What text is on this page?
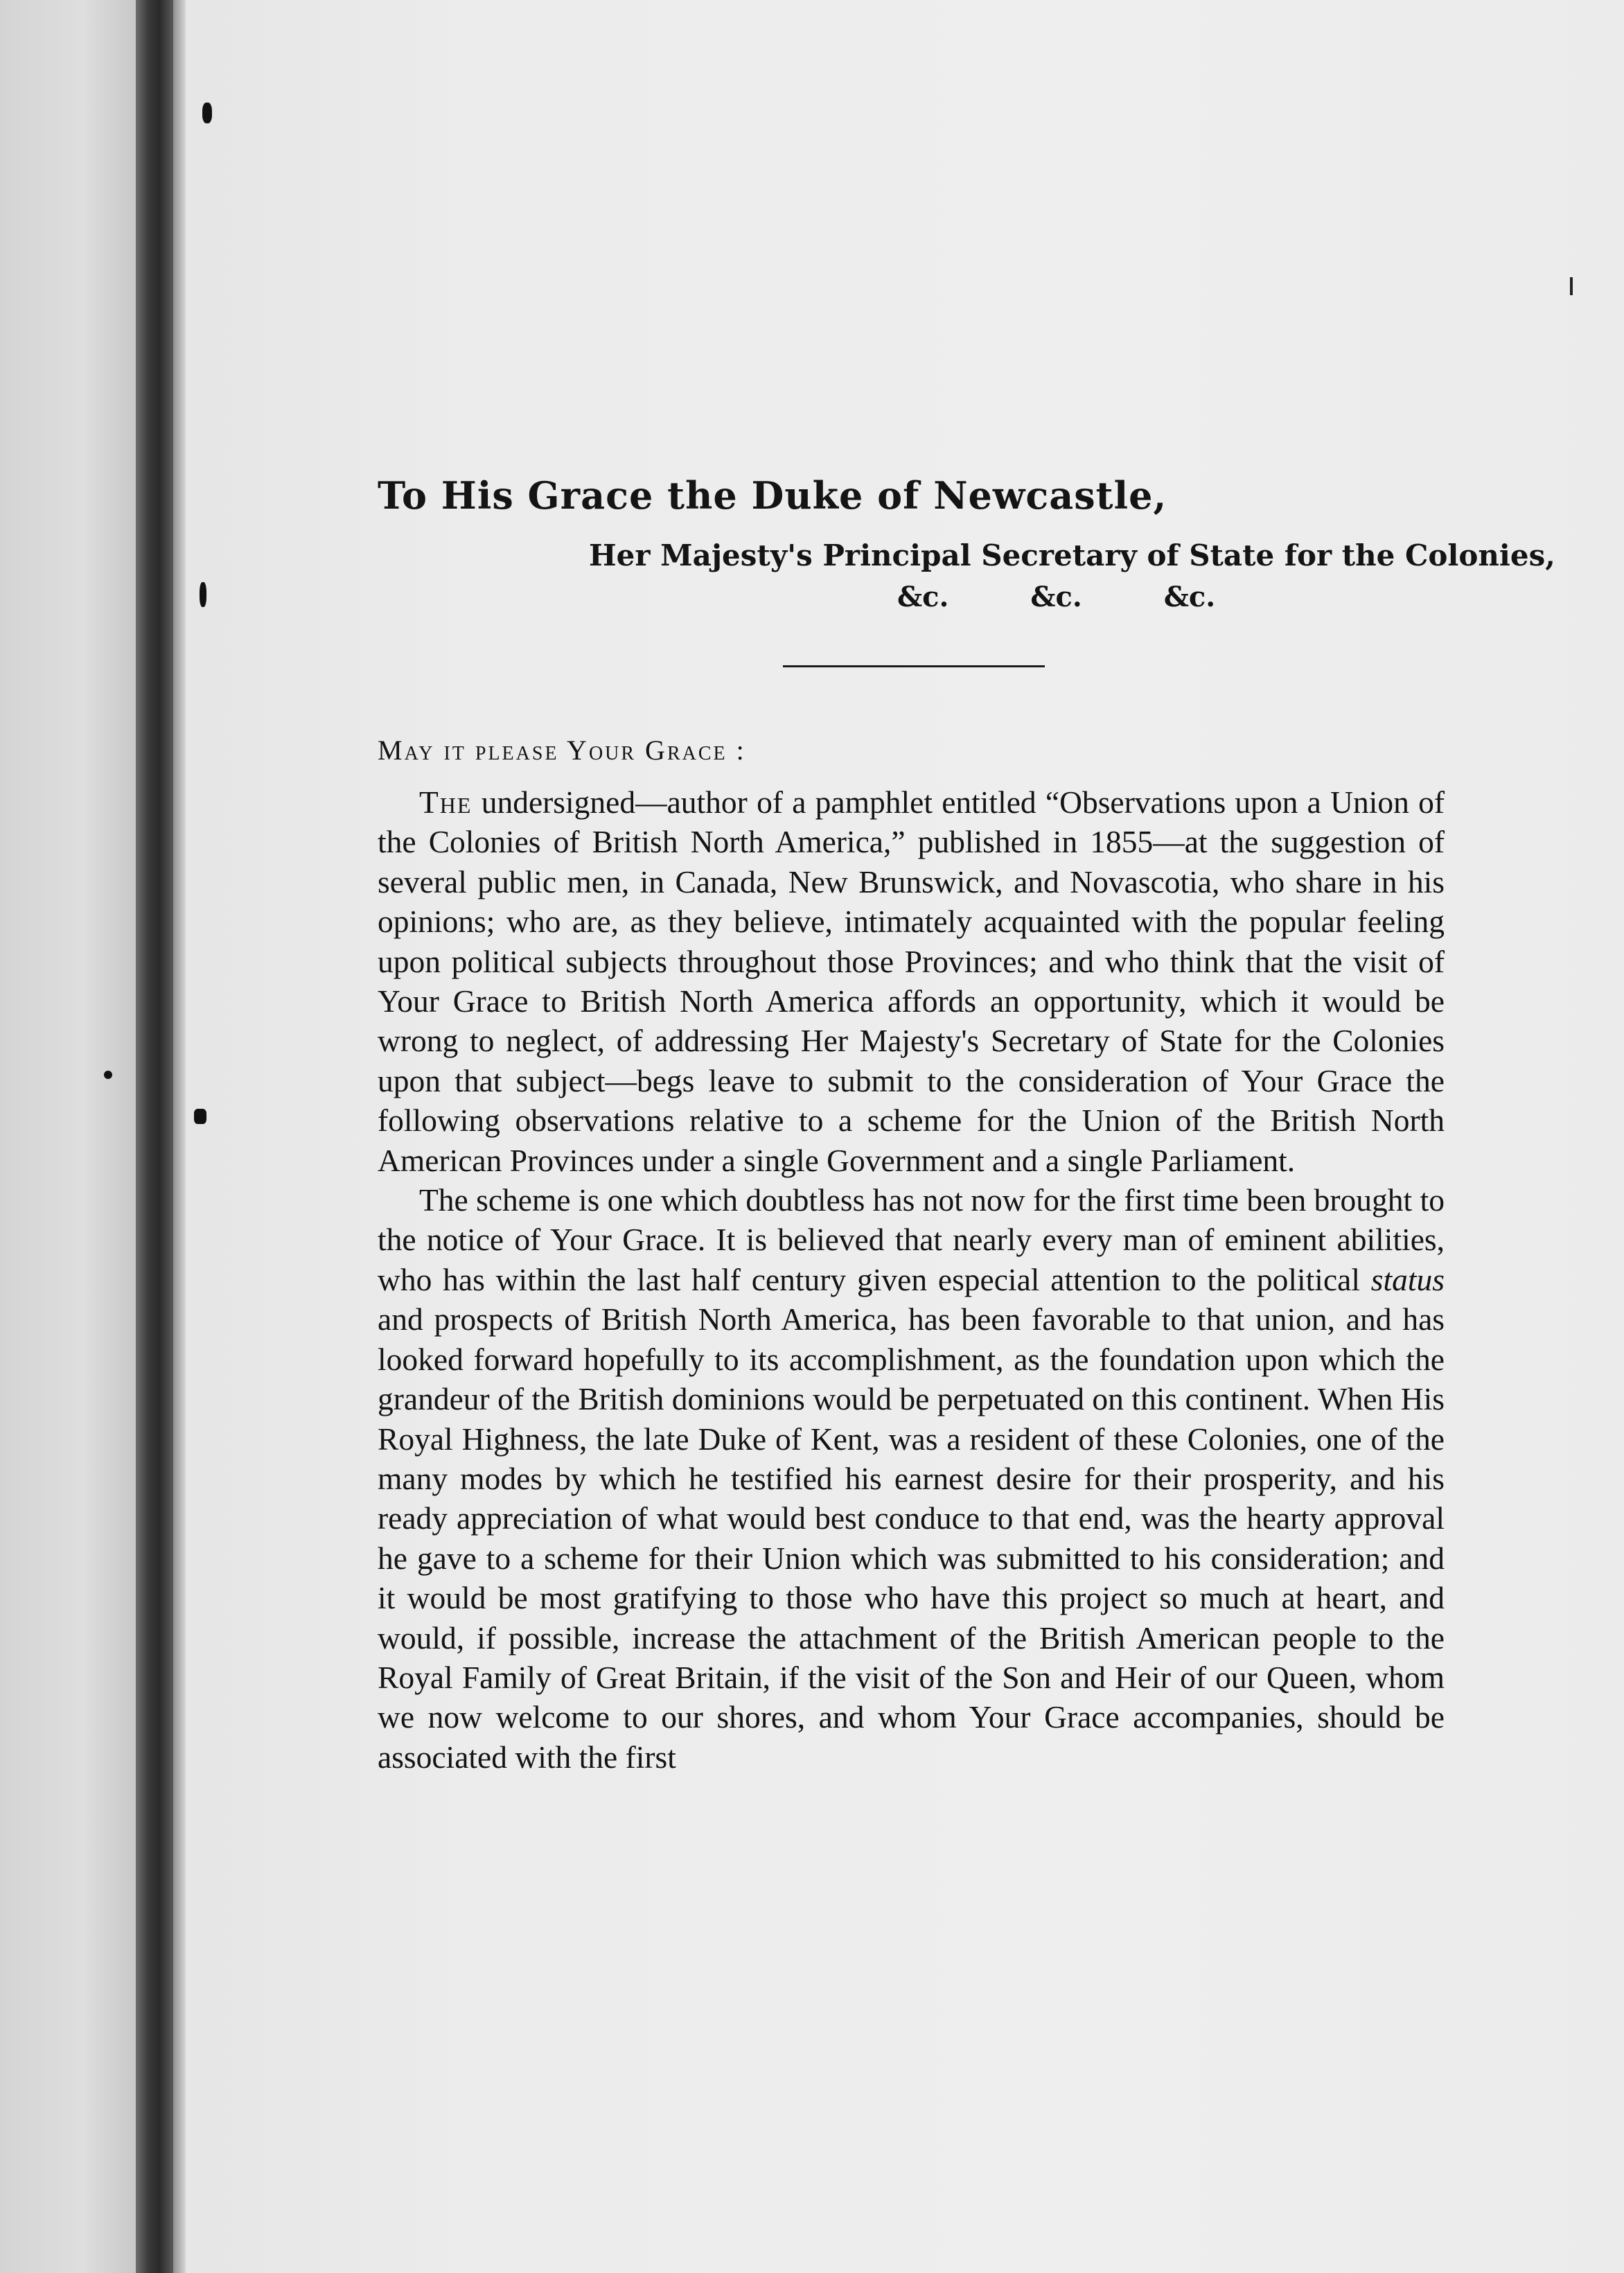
To His Grace the Duke of Newcastle,
Her Majesty's Principal Secretary of State for the Colonies,
&c.	&c.	&c.
May it please Your Grace :

The undersigned—author of a pamphlet entitled “Observations upon a Union of the Colonies of British North America,” published in 1855—at the suggestion of several public men, in Canada, New Brunswick, and Novascotia, who share in his opinions; who are, as they believe, intimately acquainted with the popular feeling upon political subjects throughout those Provinces; and who think that the visit of Your Grace to British North America affords an opportunity, which it would be wrong to neglect, of addressing Her Majesty's Secretary of State for the Colonies upon that subject—begs leave to submit to the consideration of Your Grace the following observations relative to a scheme for the Union of the British North American Provinces under a single Government and a single Parliament.

The scheme is one which doubtless has not now for the first time been brought to the notice of Your Grace. It is believed that nearly every man of eminent abilities, who has within the last half century given especial attention to the political status and prospects of British North America, has been favorable to that union, and has looked forward hopefully to its accomplishment, as the foundation upon which the grandeur of the British dominions would be perpetuated on this continent. When His Royal Highness, the late Duke of Kent, was a resident of these Colonies, one of the many modes by which he testified his earnest desire for their prosperity, and his ready appreciation of what would best conduce to that end, was the hearty approval he gave to a scheme for their Union which was submitted to his consideration; and it would be most gratifying to those who have this project so much at heart, and would, if possible, increase the attachment of the British American people to the Royal Family of Great Britain, if the visit of the Son and Heir of our Queen, whom we now welcome to our shores, and whom Your Grace accompanies, should be associated with the first
